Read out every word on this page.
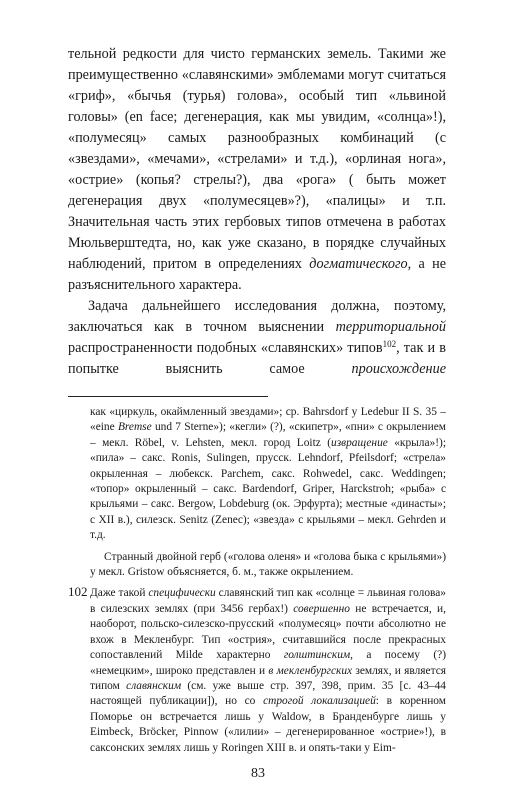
тельной редкости для чисто германских земель. Такими же преимущественно «славянскими» эмблемами могут считаться «гриф», «бычья (турья) голова», особый тип «львиной головы» (en face; дегенерация, как мы увидим, «солнца»!), «полумесяц» самых разнообразных комбинаций (с «звездами», «мечами», «стрелами» и т.д.), «орлиная нога», «острие» (копья? стрелы?), два «рога» ( быть может дегенерация двух «полумесяцев»?), «палицы» и т.п. Значительная часть этих гербовых типов отмечена в работах Мюльверштедта, но, как уже сказано, в порядке случайных наблюдений, притом в определениях догматического, а не разъяснительного характера.

Задача дальнейшего исследования должна, поэтому, заключаться как в точном выяснении территориальной распространенности подобных «славянских» типов$^{102}$, так и в попытке выяснить самое происхождение

как «циркуль, окаймленный звездами»; ср. Bahrsdorf у Ledebur II S. 35 – «eine Bremse und 7 Sterne»); «кегли» (?), «скипетр», «пни» с окрылением – мекл. Röbel, v. Lehsten, мекл. город Loitz (извращение «крыла»!); «пила» – сакс. Ronis, Sulingen, прусск. Lehndorf, Pfeilsdorf; «стрела» окрыленная – любекск. Parchem, сакс. Rohwedel, сакс. Weddingen; «топор» окрыленный – сакс. Bardendorf, Griper, Harckstroh; «рыба» с крыльями – сакс. Bergow, Lobdeburg (ок. Эрфурта); местные «династы»; с XII в.), силезск. Senitz (Zenec); «звезда» с крыльями – мекл. Gehrden и т.д.

Странный двойной герб («голова оленя» и «голова быка с крыльями») у мекл. Gristow объясняется, б. м., также окрылением.

102 Даже такой специфически славянский тип как «солнце = львиная голова» в силезских землях (при 3456 гербах!) совершенно не встречается, и, наоборот, польско-силезско-прусский «полумесяц» почти абсолютно не вхож в Мекленбург. Тип «острия», считавшийся после прекрасных сопоставлений Milde характерно голштинским, а посему (?) «немецким», широко представлен и в мекленбургских землях, и является типом славянским (см. уже выше стр. 397, 398, прим. 35 [с. 43–44 настоящей публикации]), но со строгой локализацией: в коренном Поморье он встречается лишь у Waldow, в Бранденбурге лишь у Eimbeck, Bröcker, Pinnow («лилии» – дегенерированное «острие»!), в саксонских землях лишь у Roringen XIII в. и опять-таки у Eim-

83
